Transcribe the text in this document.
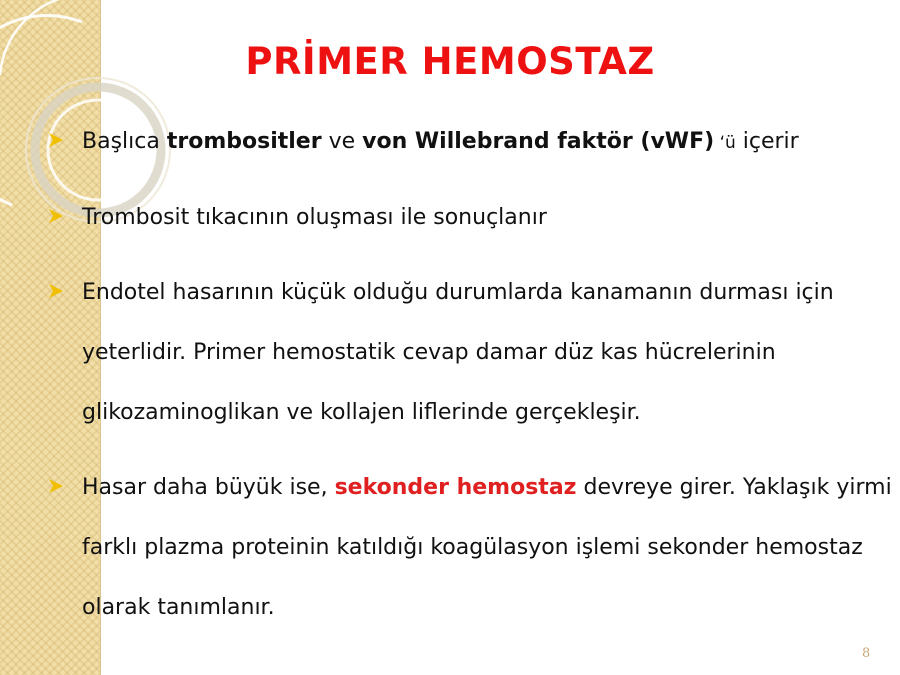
PRİMER HEMOSTAZ
Başlıca trombositler ve von Willebrand faktör (vWF) ‘ü içerir
Trombosit tıkacının oluşması ile sonuçlanır
Endotel hasarının küçük olduğu durumlarda kanamanın durması için yeterlidir. Primer hemostatik cevap damar düz kas hücrelerinin glikozaminoglikan ve kollajen liflerinde gerçekleşir.
Hasar daha büyük ise, sekonder hemostaz devreye girer. Yaklaşık yirmi farklı plazma proteinin katıldığı koagülasyon işlemi sekonder hemostaz olarak tanımlanır.
8
